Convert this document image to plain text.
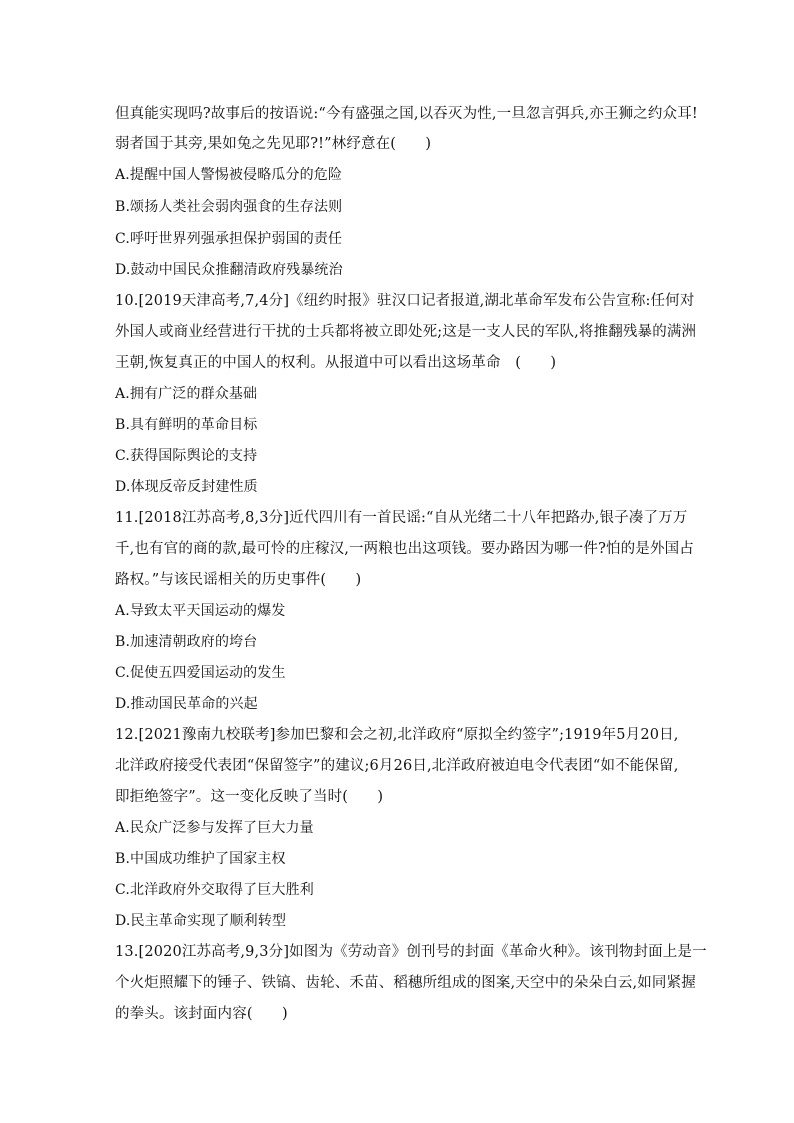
但真能实现吗?故事后的按语说:“今有盛强之国,以吞灭为性,一旦忽言弭兵,亦王狮之约众耳!
弱者国于其旁,果如兔之先见耶?!”林纾意在(　　)
A.提醒中国人警惕被侵略瓜分的危险
B.颂扬人类社会弱肉强食的生存法则
C.呼吁世界列强承担保护弱国的责任
D.鼓动中国民众推翻清政府残暴统治
10.[2019天津高考,7,4分]《纽约时报》驻汉口记者报道,湖北革命军发布公告宣称:任何对
外国人或商业经营进行干扰的士兵都将被立即处死;这是一支人民的军队,将推翻残暴的满洲
王朝,恢复真正的中国人的权利。从报道中可以看出这场革命　(　　)
A.拥有广泛的群众基础
B.具有鲜明的革命目标
C.获得国际舆论的支持
D.体现反帝反封建性质
11.[2018江苏高考,8,3分]近代四川有一首民谣:“自从光绪二十八年把路办,银子凑了万万
千,也有官的商的款,最可怜的庄稼汉,一两粮也出这项钱。要办路因为哪一件?怕的是外国占
路权。”与该民谣相关的历史事件(　　)
A.导致太平天国运动的爆发
B.加速清朝政府的垮台
C.促使五四爱国运动的发生
D.推动国民革命的兴起
12.[2021豫南九校联考]参加巴黎和会之初,北洋政府“原拟全约签字”;1919年5月20日,
北洋政府接受代表团“保留签字”的建议;6月26日,北洋政府被迫电令代表团“如不能保留,
即拒绝签字”。这一变化反映了当时(　　)
A.民众广泛参与发挥了巨大力量
B.中国成功维护了国家主权
C.北洋政府外交取得了巨大胜利
D.民主革命实现了顺利转型
13.[2020江苏高考,9,3分]如图为《劳动音》创刊号的封面《革命火种》。该刊物封面上是一
个火炬照耀下的锤子、铁镐、齿轮、禾苗、稻穗所组成的图案,天空中的朵朵白云,如同紧握
的拳头。该封面内容(　　)
